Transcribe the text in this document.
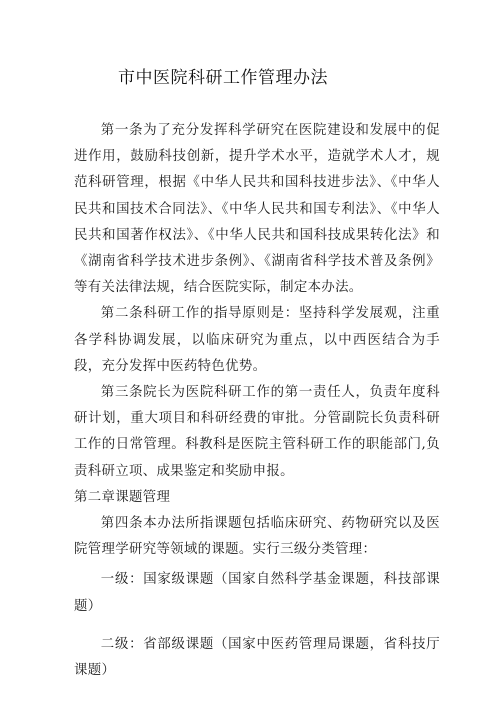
市中医院科研工作管理办法

第一条为了充分发挥科学研究在医院建设和发展中的促进作用，鼓励科技创新，提升学术水平，造就学术人才，规范科研管理，根据《中华人民共和国科技进步法》、《中华人民共和国技术合同法》、《中华人民共和国专利法》、《中华人民共和国著作权法》、《中华人民共和国科技成果转化法》和《湖南省科学技术进步条例》、《湖南省科学技术普及条例》等有关法律法规，结合医院实际，制定本办法。

第二条科研工作的指导原则是：坚持科学发展观，注重各学科协调发展，以临床研究为重点，以中西医结合为手段，充分发挥中医药特色优势。

第三条院长为医院科研工作的第一责任人，负责年度科研计划，重大项目和科研经费的审批。分管副院长负责科研工作的日常管理。科教科是医院主管科研工作的职能部门,负责科研立项、成果鉴定和奖励申报。

第二章课题管理

第四条本办法所指课题包括临床研究、药物研究以及医院管理学研究等领域的课题。实行三级分类管理：

一级：国家级课题（国家自然科学基金课题，科技部课题）

二级：省部级课题（国家中医药管理局课题，省科技厅课题）
